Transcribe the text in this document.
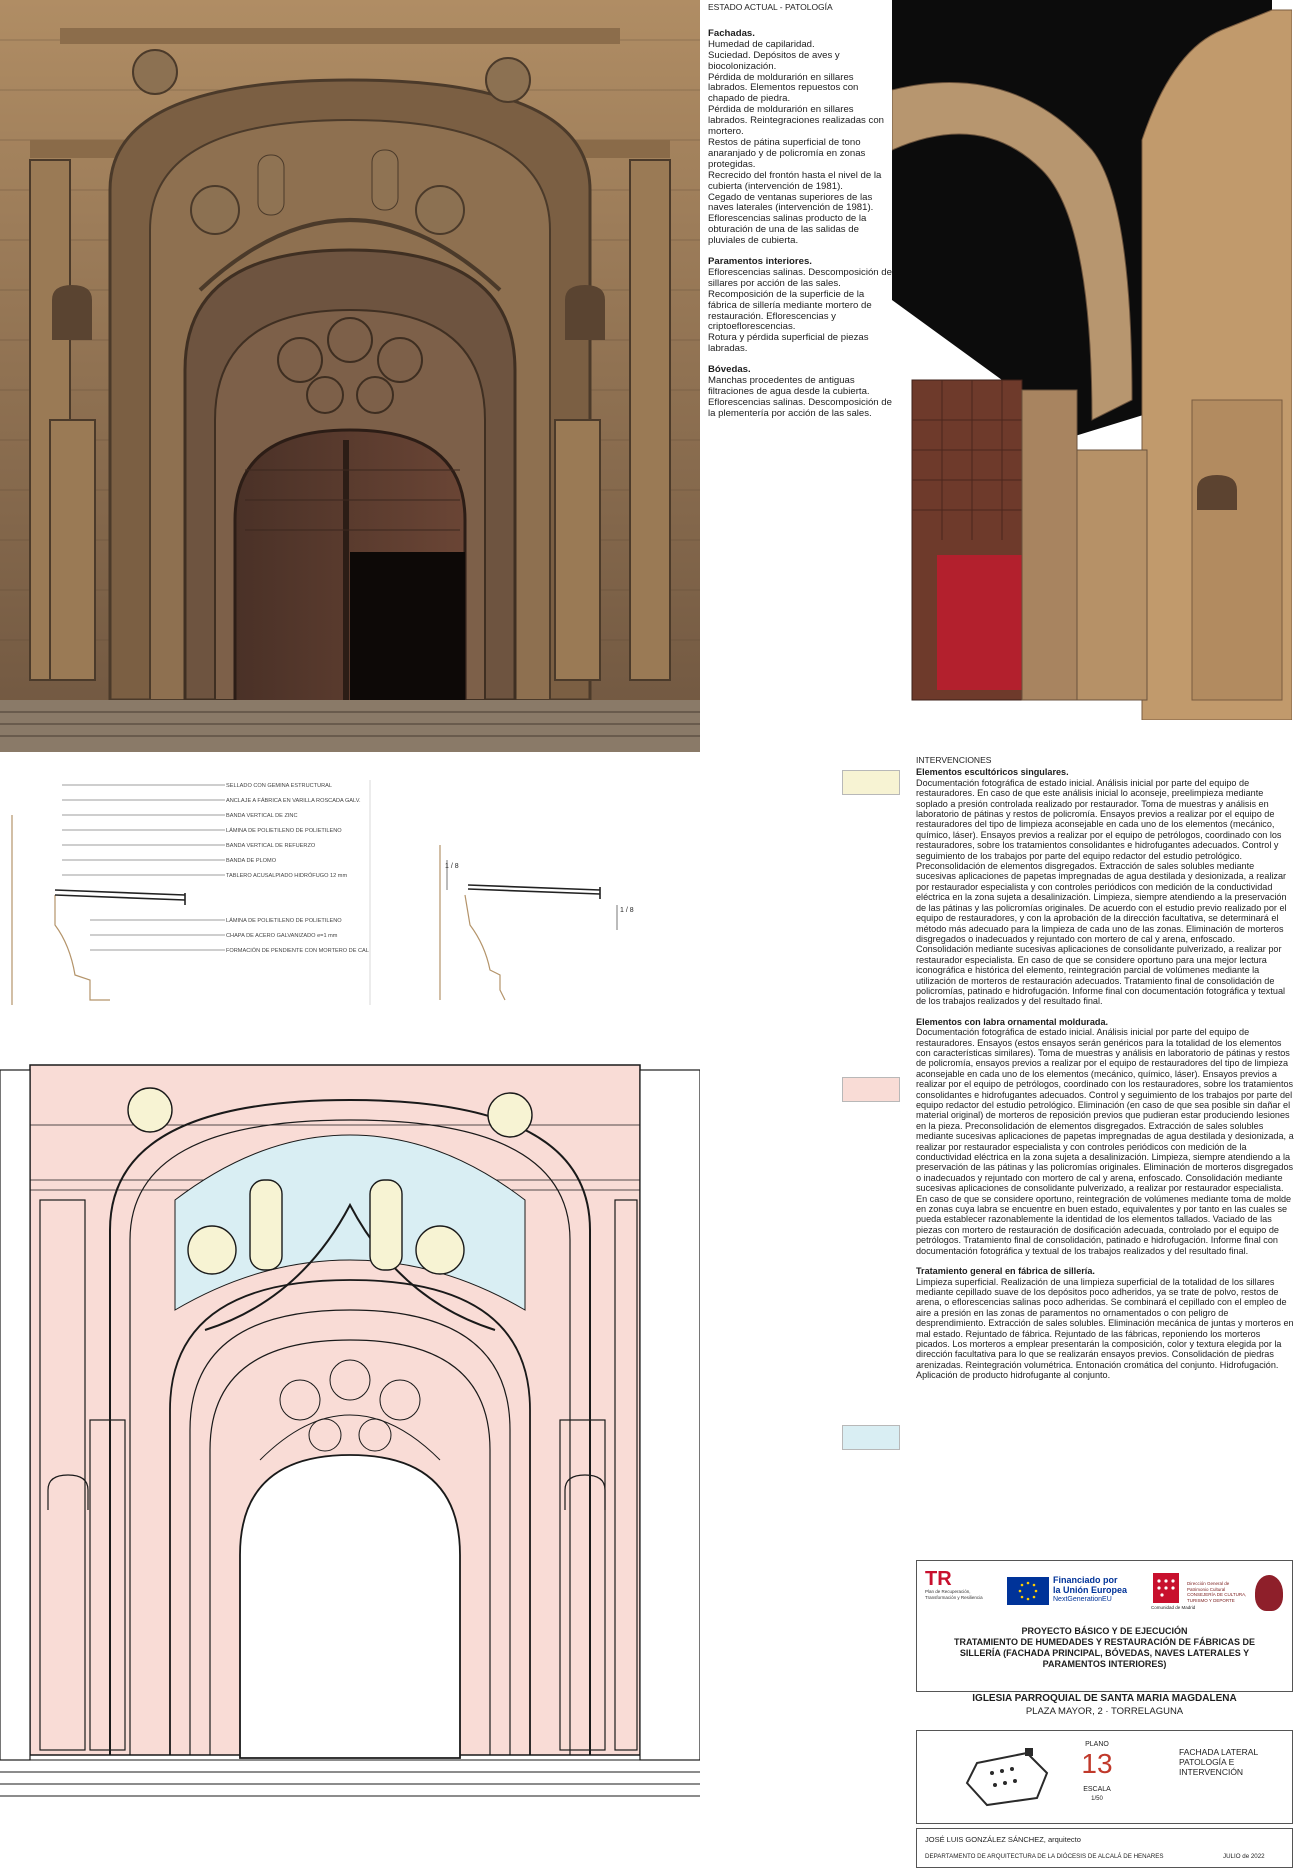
ESTADO ACTUAL - PATOLOGÍA
Fachadas.
Humedad de capilaridad.
Suciedad. Depósitos de aves y biocolonización.
Pérdida de moldurarión en sillares labrados. Elementos repuestos con chapado de piedra.
Pérdida de moldurarión en sillares labrados. Reintegraciones realizadas con mortero.
Restos de pátina superficial de tono anaranjado y de policromía en zonas protegidas.
Recrecido del frontón hasta el nivel de la cubierta (intervención de 1981).
Cegado de ventanas superiores de las naves laterales (intervención de 1981).
Eflorescencias salinas producto de la obturación de una de las salidas de pluviales de cubierta.
Paramentos interiores.
Eflorescencias salinas. Descomposición de sillares por acción de las sales.
Recomposición de la superficie de la fábrica de sillería mediante mortero de restauración. Eflorescencias y criptoeflorescencias.
Rotura y pérdida superficial de piezas labradas.
Bóvedas.
Manchas procedentes de antiguas filtraciones de agua desde la cubierta.
Eflorescencias salinas. Descomposición de la plementería por acción de las sales.
SELLADO CON GEMINA ESTRUCTURAL
ANCLAJE A FÁBRICA EN VARILLA ROSCADA GALV.
BANDA VERTICAL DE ZINC
LÁMINA DE POLIETILENO DE POLIETILENO
BANDA VERTICAL DE REFUERZO
BANDA DE PLOMO
TABLERO ACUSALPIADO HIDRÓFUGO 12 mm
LÁMINA DE POLIETILENO DE POLIETILENO
CHAPA DE ACERO GALVANIZADO e=1 mm
FORMACIÓN DE PENDIENTE CON MORTERO DE CAL
1 / 8
1 / 8
INTERVENCIONES
Elementos escultóricos singulares.
Documentación fotográfica de estado inicial. Análisis inicial por parte del equipo de restauradores. En caso de que este análisis inicial lo aconseje, preelimpieza mediante soplado a presión controlada realizado por restaurador. Toma de muestras y análisis en laboratorio de pátinas y restos de policromía. Ensayos previos a realizar por el equipo de restauradores del tipo de limpieza aconsejable en cada uno de los elementos (mecánico, químico, láser). Ensayos previos a realizar por el equipo de petrólogos, coordinado con los restauradores, sobre los tratamientos consolidantes e hidrofugantes adecuados. Control y seguimiento de los trabajos por parte del equipo redactor del estudio petrológico. Preconsolidación de elementos disgregados. Extracción de sales solubles mediante sucesivas aplicaciones de papetas impregnadas de agua destilada y desionizada, a realizar por restaurador especialista y con controles periódicos con medición de la conductividad eléctrica en la zona sujeta a desalinización. Limpieza, siempre atendiendo a la preservación de las pátinas y las policromías originales. De acuerdo con el estudio previo realizado por el equipo de restauradores, y con la aprobación de la dirección facultativa, se determinará el método más adecuado para la limpieza de cada uno de las zonas. Eliminación de morteros disgregados o inadecuados y rejuntado con mortero de cal y arena, enfoscado. Consolidación mediante sucesivas aplicaciones de consolidante pulverizado, a realizar por restaurador especialista. En caso de que se considere oportuno para una mejor lectura iconográfica e histórica del elemento, reintegración parcial de volúmenes mediante la utilización de morteros de restauración adecuados. Tratamiento final de consolidación de policromías, patinado e hidrofugación. Informe final con documentación fotográfica y textual de los trabajos realizados y del resultado final.
Elementos con labra ornamental moldurada.
Documentación fotográfica de estado inicial. Análisis inicial por parte del equipo de restauradores. Ensayos (estos ensayos serán genéricos para la totalidad de los elementos con características similares). Toma de muestras y análisis en laboratorio de pátinas y restos de policromía, ensayos previos a realizar por el equipo de restauradores del tipo de limpieza aconsejable en cada uno de los elementos (mecánico, químico, láser). Ensayos previos a realizar por el equipo de petrólogos, coordinado con los restauradores, sobre los tratamientos consolidantes e hidrofugantes adecuados. Control y seguimiento de los trabajos por parte del equipo redactor del estudio petrológico. Eliminación (en caso de que sea posible sin dañar el material original) de morteros de reposición previos que pudieran estar produciendo lesiones en la pieza. Preconsolidación de elementos disgregados. Extracción de sales solubles mediante sucesivas aplicaciones de papetas impregnadas de agua destilada y desionizada, a realizar por restaurador especialista y con controles periódicos con medición de la conductividad eléctrica en la zona sujeta a desalinización. Limpieza, siempre atendiendo a la preservación de las pátinas y las policromías originales. Eliminación de morteros disgregados o inadecuados y rejuntado con mortero de cal y arena, enfoscado. Consolidación mediante sucesivas aplicaciones de consolidante pulverizado, a realizar por restaurador especialista. En caso de que se considere oportuno, reintegración de volúmenes mediante toma de molde en zonas cuya labra se encuentre en buen estado, equivalentes y por tanto en las cuales se pueda establecer razonablemente la identidad de los elementos tallados. Vaciado de las piezas con mortero de restauración de dosificación adecuada, controlado por el equipo de petrólogos. Tratamiento final de consolidación, patinado e hidrofugación. Informe final con documentación fotográfica y textual de los trabajos realizados y del resultado final.
Tratamiento general en fábrica de sillería.
Limpieza superficial. Realización de una limpieza superficial de la totalidad de los sillares mediante cepillado suave de los depósitos poco adheridos, ya se trate de polvo, restos de arena, o eflorescencias salinas poco adheridas. Se combinará el cepillado con el empleo de aire a presión en las zonas de paramentos no ornamentados o con peligro de desprendimiento. Extracción de sales solubles. Eliminación mecánica de juntas y morteros en mal estado. Rejuntado de fábrica. Rejuntado de las fábricas, reponiendo los morteros picados. Los morteros a emplear presentarán la composición, color y textura elegida por la dirección facultativa para lo que se realizarán ensayos previos. Consolidación de piedras arenizadas. Reintegración volumétrica. Entonación cromática del conjunto. Hidrofugación. Aplicación de producto hidrofugante al conjunto.
TR
Plan de Recuperación, Transformación y Resiliencia
Financiado por
la Unión Europea
NextGenerationEU
Comunidad de Madrid
Dirección General de Patrimonio Cultural CONSEJERÍA DE CULTURA, TURISMO Y DEPORTE
PROYECTO BÁSICO Y DE EJECUCIÓN
TRATAMIENTO DE HUMEDADES Y RESTAURACIÓN DE FÁBRICAS DE
SILLERÍA (FACHADA PRINCIPAL, BÓVEDAS, NAVES LATERALES Y
PARAMENTOS INTERIORES)
IGLESIA PARROQUIAL DE SANTA MARIA MAGDALENA
PLAZA MAYOR, 2 · TORRELAGUNA
PLANO
13
ESCALA
1/50
FACHADA LATERAL
PATOLOGÍA E
INTERVENCIÓN
JOSÉ LUIS GONZÁLEZ SÁNCHEZ, arquitecto
DEPARTAMENTO DE ARQUITECTURA DE LA DIÓCESIS DE ALCALÁ DE HENARES	JULIO de 2022
